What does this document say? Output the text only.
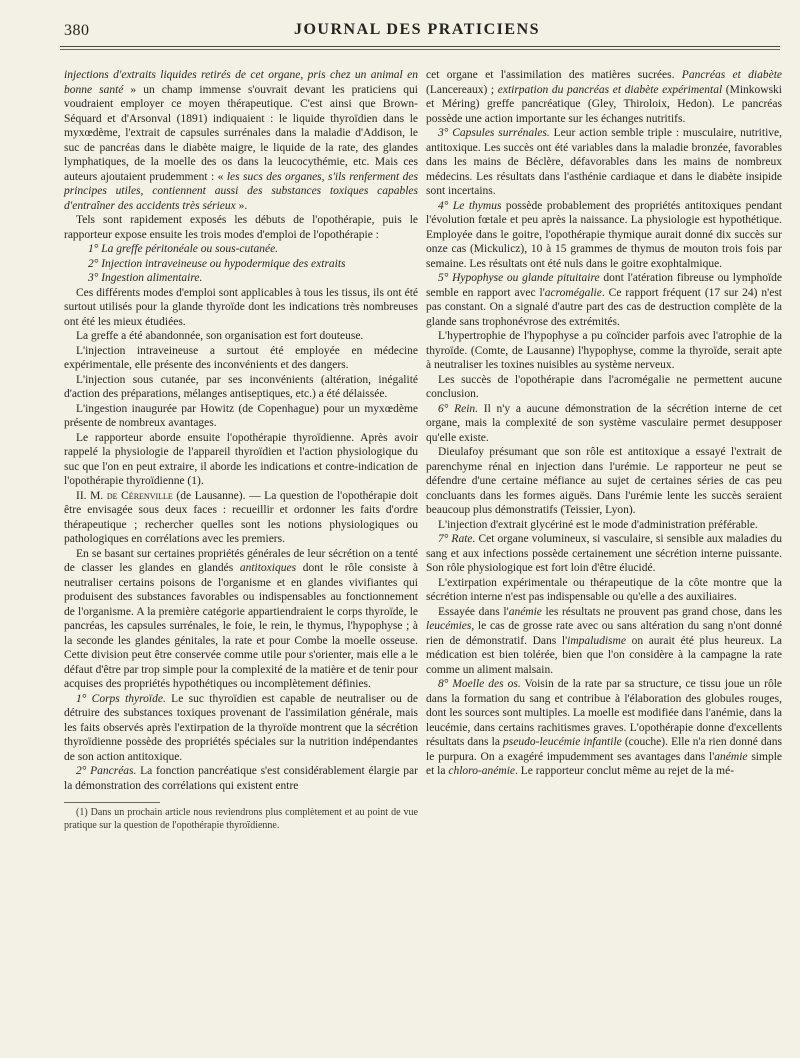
380	JOURNAL DES PRATICIENS

injections d'extraits liquides retirés de cet organe, pris chez un animal en bonne santé » un champ immense s'ouvrait devant les praticiens qui voudraient employer ce moyen thérapeutique. C'est ainsi que Brown-Séquard et d'Arsonval (1891) indiquaient : le liquide thyroïdien dans le myxœdème, l'extrait de capsules surrénales dans la maladie d'Addison, le suc de pancréas dans le diabète maigre, le liquide de la rate, des glandes lymphatiques, de la moelle des os dans la leucocythémie, etc. Mais ces auteurs ajoutaient prudemment : « les sucs des organes, s'ils renferment des principes utiles, contiennent aussi des substances toxiques capables d'entraîner des accidents très sérieux ».

Tels sont rapidement exposés les débuts de l'opothérapie, puis le rapporteur expose ensuite les trois modes d'emploi de l'opothérapie :

1° La greffe péritonéale ou sous-cutanée.

2° Injection intraveineuse ou hypodermique des extraits

3° Ingestion alimentaire.

Ces différents modes d'emploi sont applicables à tous les tissus, ils ont été surtout utilisés pour la glande thyroïde dont les indications très nombreuses ont été les mieux étudiées.

La greffe a été abandonnée, son organisation est fort douteuse.

L'injection intraveineuse a surtout été employée en médecine expérimentale, elle présente des inconvénients et des dangers.

L'injection sous cutanée, par ses inconvénients (altération, inégalité d'action des préparations, mélanges antiseptiques, etc.) a été délaissée.

L'ingestion inaugurée par Howitz (de Copenhague) pour un myxœdème présente de nombreux avantages.

Le rapporteur aborde ensuite l'opothérapie thyroïdienne. Après avoir rappelé la physiologie de l'appareil thyroïdien et l'action physiologique du suc que l'on en peut extraire, il aborde les indications et contre-indication de l'opothérapie thyroïdienne (1).

II. M. de Cérenville (de Lausanne). — La question de l'opothérapie doit être envisagée sous deux faces : recueillir et ordonner les faits d'ordre thérapeutique ; rechercher quelles sont les notions physiologiques ou pathologiques en corrélations avec les premiers.

En se basant sur certaines propriétés générales de leur sécrétion on a tenté de classer les glandes en glandés antitoxiques dont le rôle consiste à neutraliser certains poisons de l'organisme et en glandes vivifiantes qui produisent des substances favorables ou indispensables au fonctionnement de l'organisme. A la première catégorie appartiendraient le corps thyroïde, le pancréas, les capsules surrénales, le foie, le rein, le thymus, l'hypophyse ; à la seconde les glandes génitales, la rate et pour Combe la moelle osseuse. Cette division peut être conservée comme utile pour s'orienter, mais elle a le défaut d'être par trop simple pour la complexité de la matière et de tenir pour acquises des propriétés hypothétiques ou incomplètement définies.

1° Corps thyroïde. Le suc thyroïdien est capable de neutraliser ou de détruire des substances toxiques provenant de l'assimilation générale, mais les faits observés après l'extirpation de la thyroïde montrent que la sécrétion thyroïdienne possède des propriétés spéciales sur la nutrition indépendantes de son action antitoxique.

2° Pancréas. La fonction pancréatique s'est considérablement élargie par la démonstration des corrélations qui existent entre

(1) Dans un prochain article nous reviendrons plus complètement et au point de vue pratique sur la question de l'opothérapie thyroïdienne.

cet organe et l'assimilation des matières sucrées. Pancréas et diabète (Lancereaux) ; extirpation du pancréas et diabète expérimental (Minkowski et Méring) greffe pancréatique (Gley, Thiroloix, Hedon). Le pancréas possède une action importante sur les échanges nutritifs.

3° Capsules surrénales. Leur action semble triple : musculaire, nutritive, antitoxique. Les succès ont été variables dans la maladie bronzée, favorables dans les mains de Béclère, défavorables dans les mains de nombreux médecins. Les résultats dans l'asthénie cardiaque et dans le diabète insipide sont incertains.

4° Le thymus possède probablement des propriétés antitoxiques pendant l'évolution fœtale et peu après la naissance. La physiologie est hypothétique. Employée dans le goitre, l'opothérapie thymique aurait donné dix succès sur onze cas (Mickulicz), 10 à 15 grammes de thymus de mouton trois fois par semaine. Les résultats ont été nuls dans le goitre exophtalmique.

5° Hypophyse ou glande pituitaire dont l'atération fibreuse ou lymphoïde semble en rapport avec l'acromégalie. Ce rapport fréquent (17 sur 24) n'est pas constant. On a signalé d'autre part des cas de destruction complète de la glande sans trophonévrose des extrémités.

L'hypertrophie de l'hypophyse a pu coïncider parfois avec l'atrophie de la thyroïde. (Comte, de Lausanne) l'hypophyse, comme la thyroïde, serait apte à neutraliser les toxines nuisibles au système nerveux.

Les succès de l'opothérapie dans l'acromégalie ne permettent aucune conclusion.

6° Rein. Il n'y a aucune démonstration de la sécrétion interne de cet organe, mais la complexité de son système vasculaire permet desupposer qu'elle existe.

Dieulafoy présumant que son rôle est antitoxique a essayé l'extrait de parenchyme rénal en injection dans l'urémie. Le rapporteur ne peut se défendre d'une certaine méfiance au sujet de certaines séries de cas peu concluants dans les formes aiguës. Dans l'urémie lente les succès seraient beaucoup plus démonstratifs (Teissier, Lyon).

L'injection d'extrait glycériné est le mode d'administration préférable.

7° Rate. Cet organe volumineux, si vasculaire, si sensible aux maladies du sang et aux infections possède certainement une sécrétion interne puissante. Son rôle physiologique est fort loin d'être élucidé.

L'extirpation expérimentale ou thérapeutique de la côte montre que la sécrétion interne n'est pas indispensable ou qu'elle a des auxiliaires.

Essayée dans l'anémie les résultats ne prouvent pas grand chose, dans les leucémies, le cas de grosse rate avec ou sans altération du sang n'ont donné rien de démonstratif. Dans l'impaludisme on aurait été plus heureux. La médication est bien tolérée, bien que l'on considère à la campagne la rate comme un aliment malsain.

8° Moelle des os. Voisin de la rate par sa structure, ce tissu joue un rôle dans la formation du sang et contribue à l'élaboration des globules rouges, dont les sources sont multiples. La moelle est modifiée dans l'anémie, dans la leucémie, dans certains rachitismes graves. L'opothérapie donne d'excellents résultats dans la pseudo-leucémie infantile (couche). Elle n'a rien donné dans le purpura. On a exagéré impudemment ses avantages dans l'anémie simple et la chloro-anémie. Le rapporteur conclut même au rejet de la mé-
